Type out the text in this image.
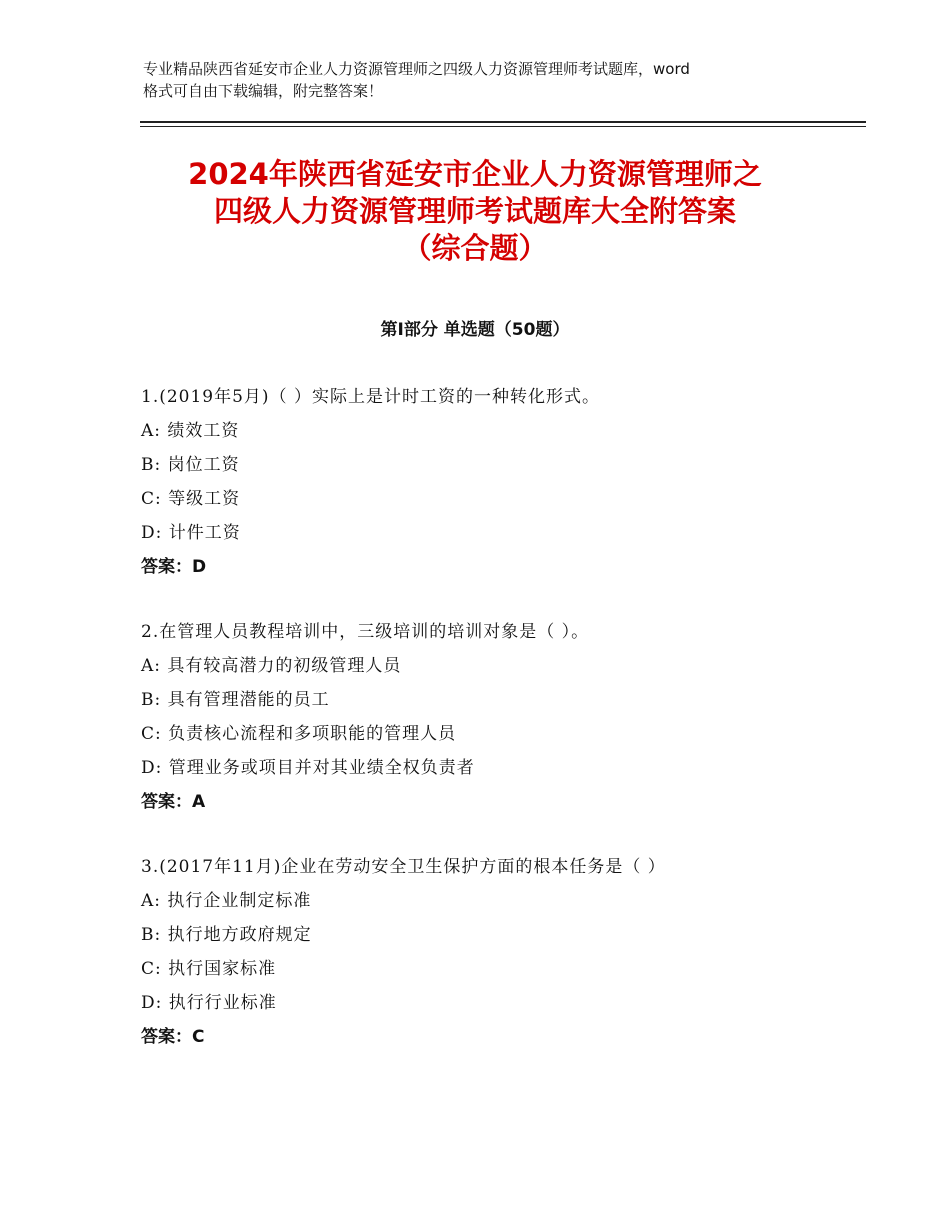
专业精品陕西省延安市企业人力资源管理师之四级人力资源管理师考试题库，word
格式可自由下载编辑，附完整答案！
2024年陕西省延安市企业人力资源管理师之
四级人力资源管理师考试题库大全附答案
（综合题）
第Ⅰ部分 单选题（50题）
1.(2019年5月)（ ）实际上是计时工资的一种转化形式。
A: 绩效工资
B: 岗位工资
C: 等级工资
D: 计件工资
答案：D
2.在管理人员教程培训中，三级培训的培训对象是（ ）。
A: 具有较高潜力的初级管理人员
B: 具有管理潜能的员工
C: 负责核心流程和多项职能的管理人员
D: 管理业务或项目并对其业绩全权负责者
答案：A
3.(2017年11月)企业在劳动安全卫生保护方面的根本任务是（ ）
A: 执行企业制定标准
B: 执行地方政府规定
C: 执行国家标准
D: 执行行业标准
答案：C
